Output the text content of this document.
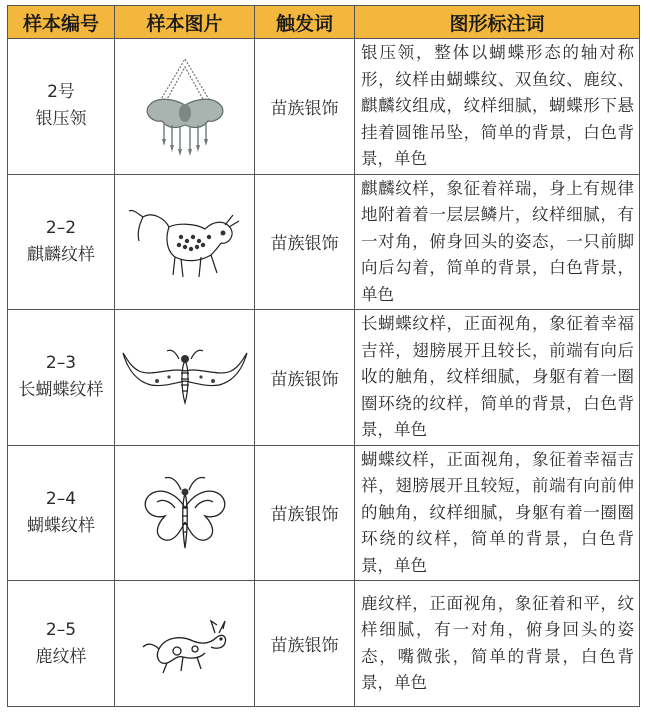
样本编号	样本图片	触发词	图形标注词

2号
银压领		苗族银饰	银压领，整体以蝴蝶形态的轴对称形，纹样由蝴蝶纹、双鱼纹、鹿纹、麒麟纹组成，纹样细腻，蝴蝶形下悬挂着圆锥吊坠，简单的背景，白色背景，单色

2–2
麒麟纹样		苗族银饰	麒麟纹样，象征着祥瑞，身上有规律地附着着一层层鳞片，纹样细腻，有一对角，俯身回头的姿态，一只前脚向后勾着，简单的背景，白色背景，单色

2–3
长蝴蝶纹样		苗族银饰	长蝴蝶纹样，正面视角，象征着幸福吉祥，翅膀展开且较长，前端有向后收的触角，纹样细腻，身躯有着一圈圈环绕的纹样，简单的背景，白色背景，单色

2–4
蝴蝶纹样		苗族银饰	蝴蝶纹样，正面视角，象征着幸福吉祥，翅膀展开且较短，前端有向前伸的触角，纹样细腻，身躯有着一圈圈环绕的纹样，简单的背景，白色背景，单色

2–5
鹿纹样		苗族银饰	鹿纹样，正面视角，象征着和平，纹样细腻，有一对角，俯身回头的姿态，嘴微张，简单的背景，白色背景，单色
